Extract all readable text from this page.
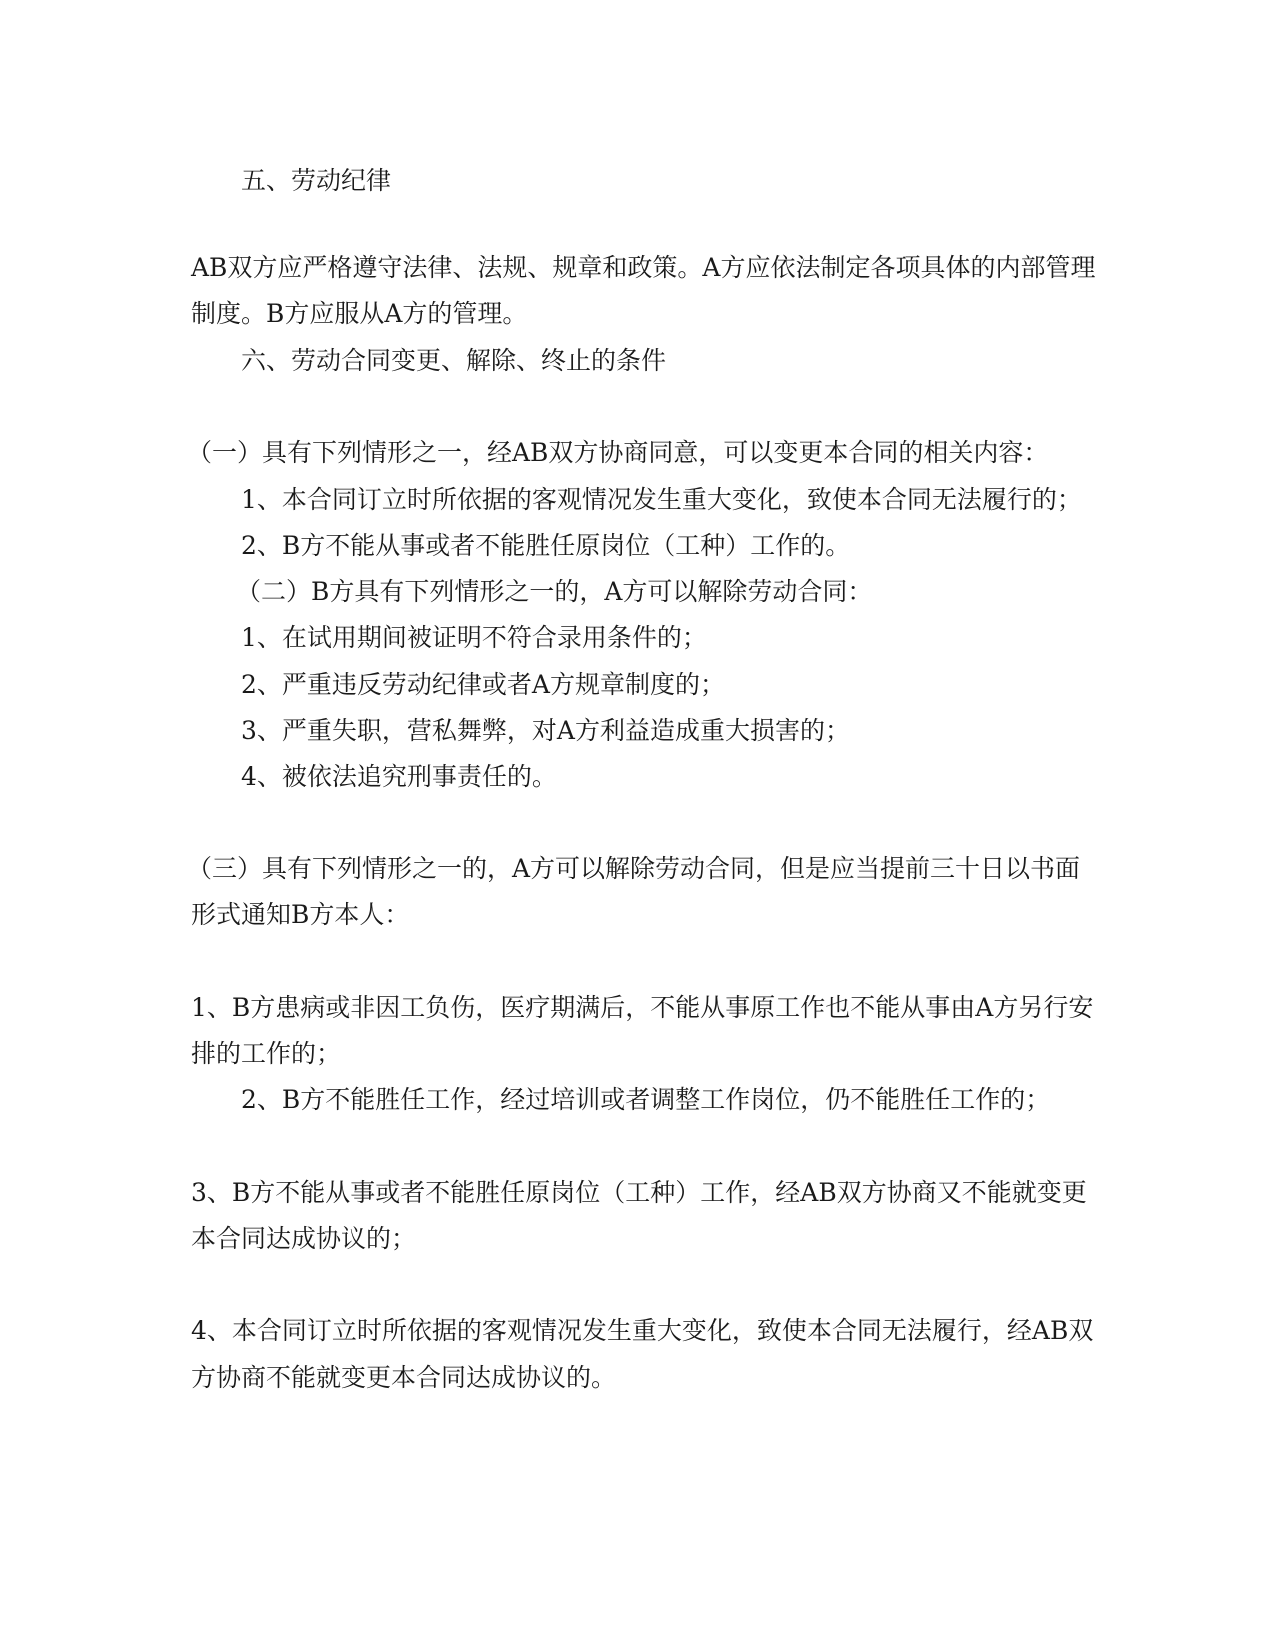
五、劳动纪律
AB双方应严格遵守法律、法规、规章和政策。A方应依法制定各项具体的内部管理
制度。B方应服从A方的管理。
六、劳动合同变更、解除、终止的条件
（一）具有下列情形之一，经AB双方协商同意，可以变更本合同的相关内容：
1、本合同订立时所依据的客观情况发生重大变化，致使本合同无法履行的；
2、B方不能从事或者不能胜任原岗位（工种）工作的。
（二）B方具有下列情形之一的，A方可以解除劳动合同：
1、在试用期间被证明不符合录用条件的；
2、严重违反劳动纪律或者A方规章制度的；
3、严重失职，营私舞弊，对A方利益造成重大损害的；
4、被依法追究刑事责任的。
（三）具有下列情形之一的，A方可以解除劳动合同，但是应当提前三十日以书面
形式通知B方本人：
1、B方患病或非因工负伤，医疗期满后，不能从事原工作也不能从事由A方另行安
排的工作的；
2、B方不能胜任工作，经过培训或者调整工作岗位，仍不能胜任工作的；
3、B方不能从事或者不能胜任原岗位（工种）工作，经AB双方协商又不能就变更
本合同达成协议的；
4、本合同订立时所依据的客观情况发生重大变化，致使本合同无法履行，经AB双
方协商不能就变更本合同达成协议的。
